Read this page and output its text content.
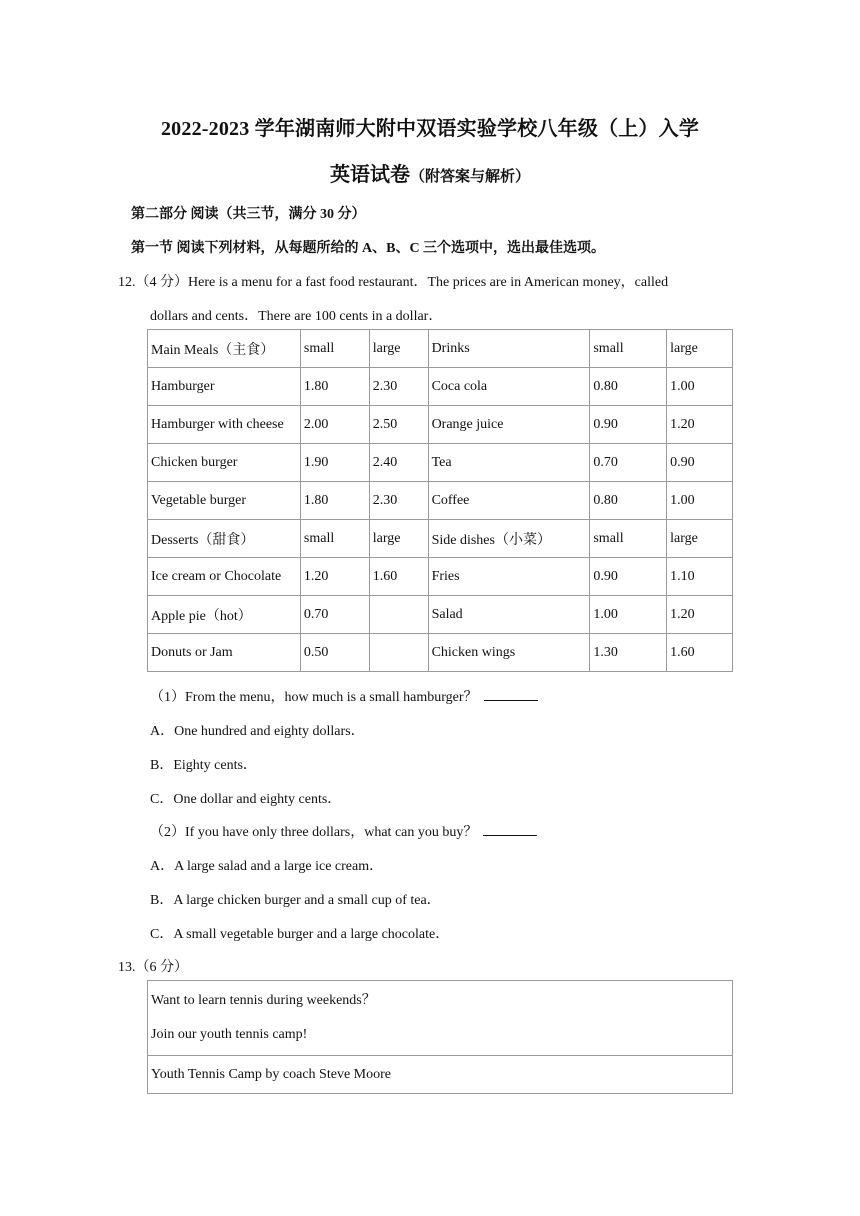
2022-2023 学年湖南师大附中双语实验学校八年级（上）入学
英语试卷（附答案与解析）
第二部分 阅读（共三节，满分 30 分）
第一节 阅读下列材料，从每题所给的 A、B、C 三个选项中，选出最佳选项。
12.（4 分）Here is a menu for a fast food restaurant．The prices are in American money，called
dollars and cents．There are 100 cents in a dollar．
Main Meals（主食）	small	large	Drinks	small	large
Hamburger	1.80	2.30	Coca cola	0.80	1.00
Hamburger with cheese	2.00	2.50	Orange juice	0.90	1.20
Chicken burger	1.90	2.40	Tea	0.70	0.90
Vegetable burger	1.80	2.30	Coffee	0.80	1.00
Desserts（甜食）	small	large	Side dishes（小菜）	small	large
Ice cream or Chocolate	1.20	1.60	Fries	0.90	1.10
Apple pie（hot）	0.70		Salad	1.00	1.20
Donuts or Jam	0.50		Chicken wings	1.30	1.60
（1）From the menu，how much is a small hamburger？
A．One hundred and eighty dollars．
B．Eighty cents．
C．One dollar and eighty cents．
（2）If you have only three dollars，what can you buy？
A．A large salad and a large ice cream．
B．A large chicken burger and a small cup of tea．
C．A small vegetable burger and a large chocolate．
13.（6 分）
Want to learn tennis during weekends？
Join our youth tennis camp!

Youth Tennis Camp by coach Steve Moore
